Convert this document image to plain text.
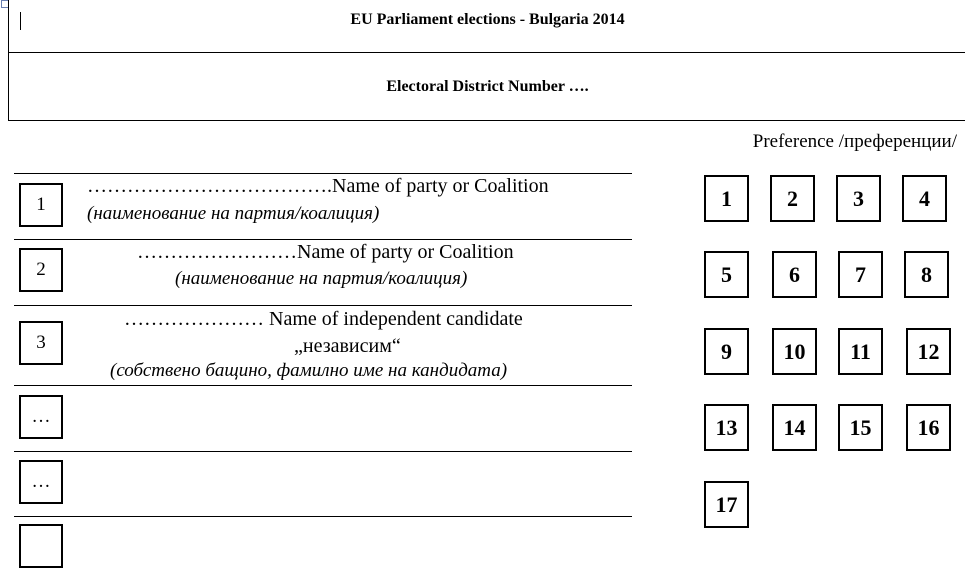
EU Parliament elections - Bulgaria 2014
Electoral District Number ….
Preference /преференции/
1
……………………………….Name of party or Coalition
(наименование на партия/коалиция)
2
……………………Name of party or Coalition
(наименование на партия/коалиция)
3
………………… Name of independent candidate
„независим“
(собствено бащино, фамилно име на кандидата)
…
…
1	2	3	4
5	6	7	8
9	10	11	12
13	14	15	16
17
